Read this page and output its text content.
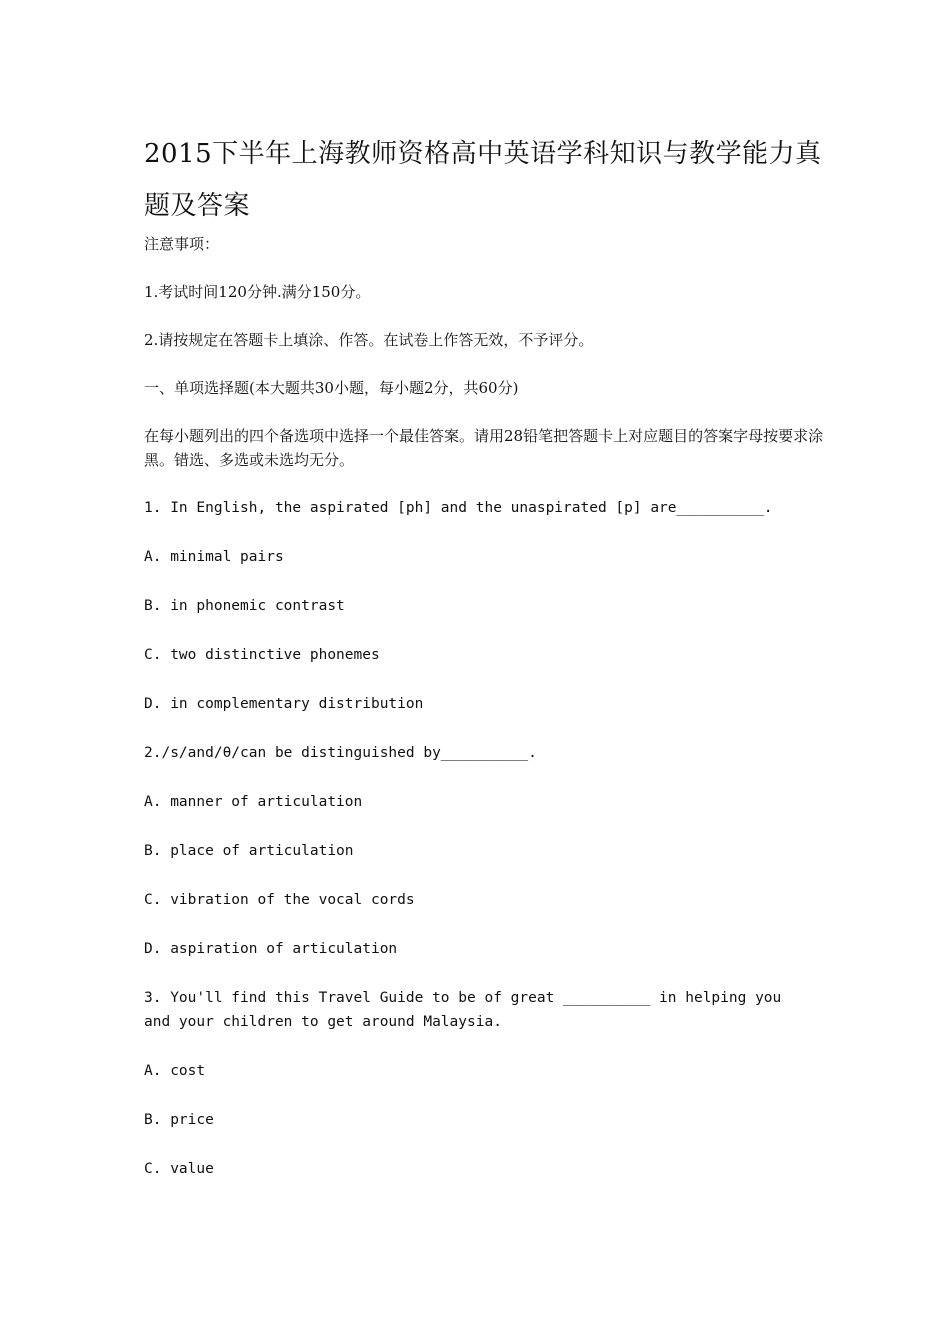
2015下半年上海教师资格高中英语学科知识与教学能力真题及答案

注意事项：

1.考试时间120分钟.满分150分。

2.请按规定在答题卡上填涂、作答。在试卷上作答无效，不予评分。

一、单项选择题(本大题共30小题，每小题2分，共60分)

在每小题列出的四个备选项中选择一个最佳答案。请用28铅笔把答题卡上对应题目的答案字母按要求涂黑。错选、多选或未选均无分。

1. In English, the aspirated [ph] and the unaspirated [p] are__________.

A. minimal pairs

B. in phonemic contrast

C. two distinctive phonemes

D. in complementary distribution

2./s/and/θ/can be distinguished by__________.

A. manner of articulation

B. place of articulation

C. vibration of the vocal cords

D. aspiration of articulation

3. You'll find this Travel Guide to be of great __________ in helping you and your children to get around Malaysia.

A. cost

B. price

C. value
